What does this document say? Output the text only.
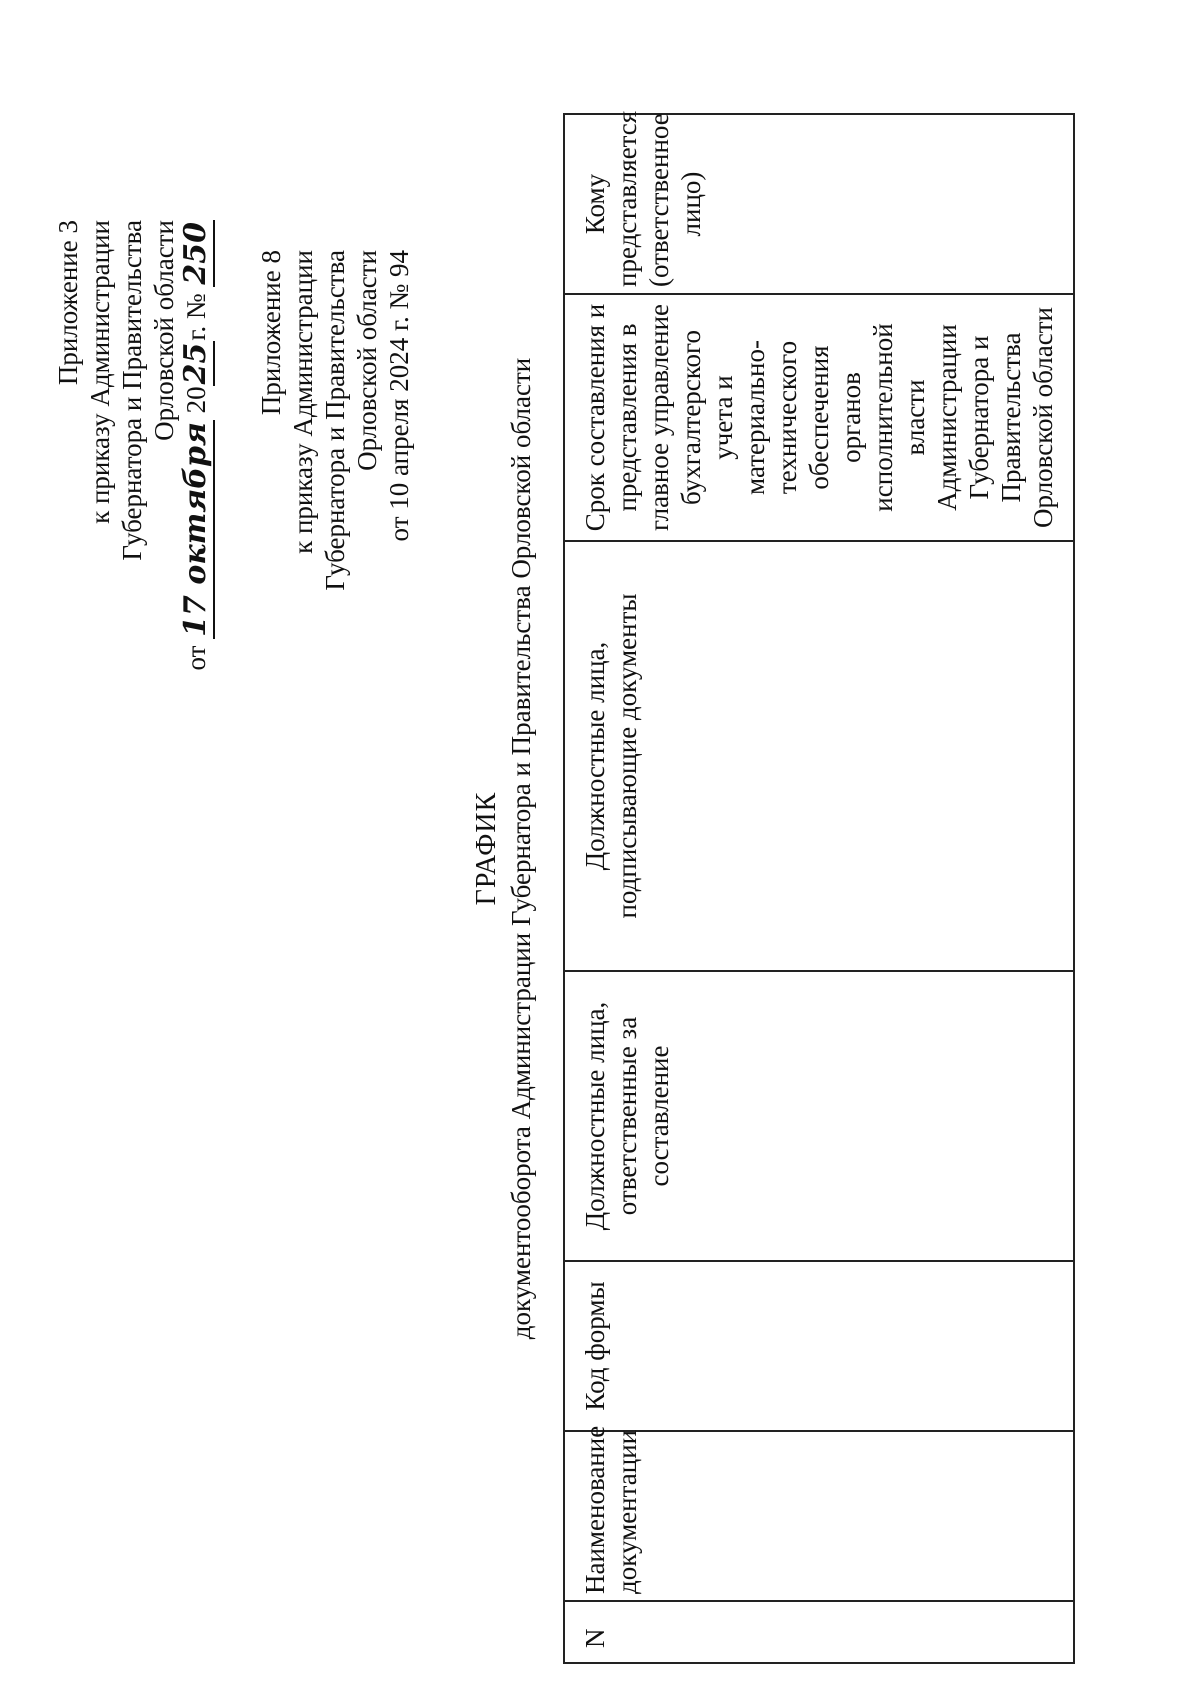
Приложение 3 к приказу Администрации Губернатора и Правительства Орловской области
от 17 октября 2025г. № 250 Приложение 8 к приказу Администрации Губернатора и Правительства Орловской области от 10 апреля 2024 г. № 94
ГРАФИК документооборота Администрации Губернатора и Правительства Орловской области
N	Наименование документации	Код формы	Должностные лица, ответственные за составление	Должностные лица, подписывающие документы	Срок составления и представления в главное управление бухгалтерского учета и материально-технического обеспечения органов исполнительной власти Администрации Губернатора и Правительства Орловской области	Кому представляется (ответственное лицо)
